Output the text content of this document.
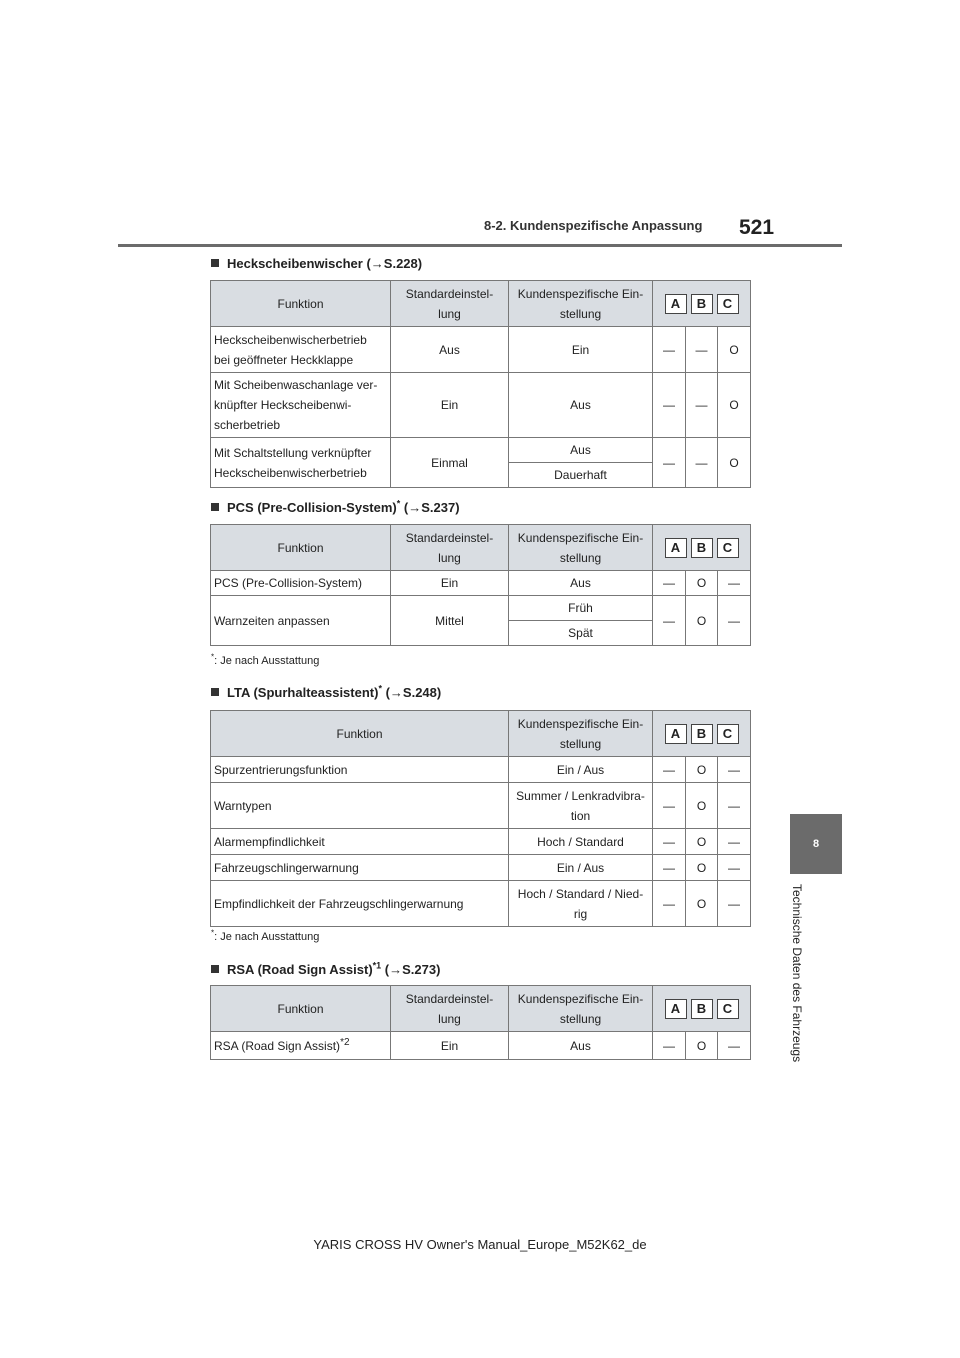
8-2. Kundenspezifische Anpassung 521
8
Technische Daten des Fahrzeugs
Heckscheibenwischer (→S.228)
Funktion	Standardeinstel-
lung	Kundenspezifische Ein-
stellung	A B C		

Heckscheibenwischerbetrieb
bei geöffneter Heckklappe	Aus	Ein	—	—	O
Mit Scheibenwaschanlage ver-
knüpfter Heckscheibenwi-
scherbetrieb	Ein	Aus	—	—	O
Mit Schaltstellung verknüpfter
Heckscheibenwischerbetrieb	Einmal	Aus	—	—	O
		Dauerhaft			
PCS (Pre-Collision-System)* (→S.237)
Funktion	Standardeinstel-
lung	Kundenspezifische Ein-
stellung	A B C		

PCS (Pre-Collision-System)	Ein	Aus	—	O	—
Warnzeiten anpassen	Mittel	Früh	—	O	—
		Spät			
*: Je nach Ausstattung
LTA (Spurhalteassistent)* (→S.248)
Funktion	Kundenspezifische Ein-
stellung	A B C		

Spurzentrierungsfunktion	Ein / Aus	—	O	—
Warntypen	Summer / Lenkradvibra-
tion	—	O	—
Alarmempfindlichkeit	Hoch / Standard	—	O	—
Fahrzeugschlingerwarnung	Ein / Aus	—	O	—
Empfindlichkeit der Fahrzeugschlingerwarnung	Hoch / Standard / Nied-
rig	—	O	—
*: Je nach Ausstattung
RSA (Road Sign Assist)$^{*1}$ (→S.273)
Funktion	Standardeinstel-
lung	Kundenspezifische Ein-
stellung	A B C		

RSA (Road Sign Assist)$^{*2}$	Ein	Aus	—	O	—
YARIS CROSS HV Owner's Manual_Europe_M52K62_de
